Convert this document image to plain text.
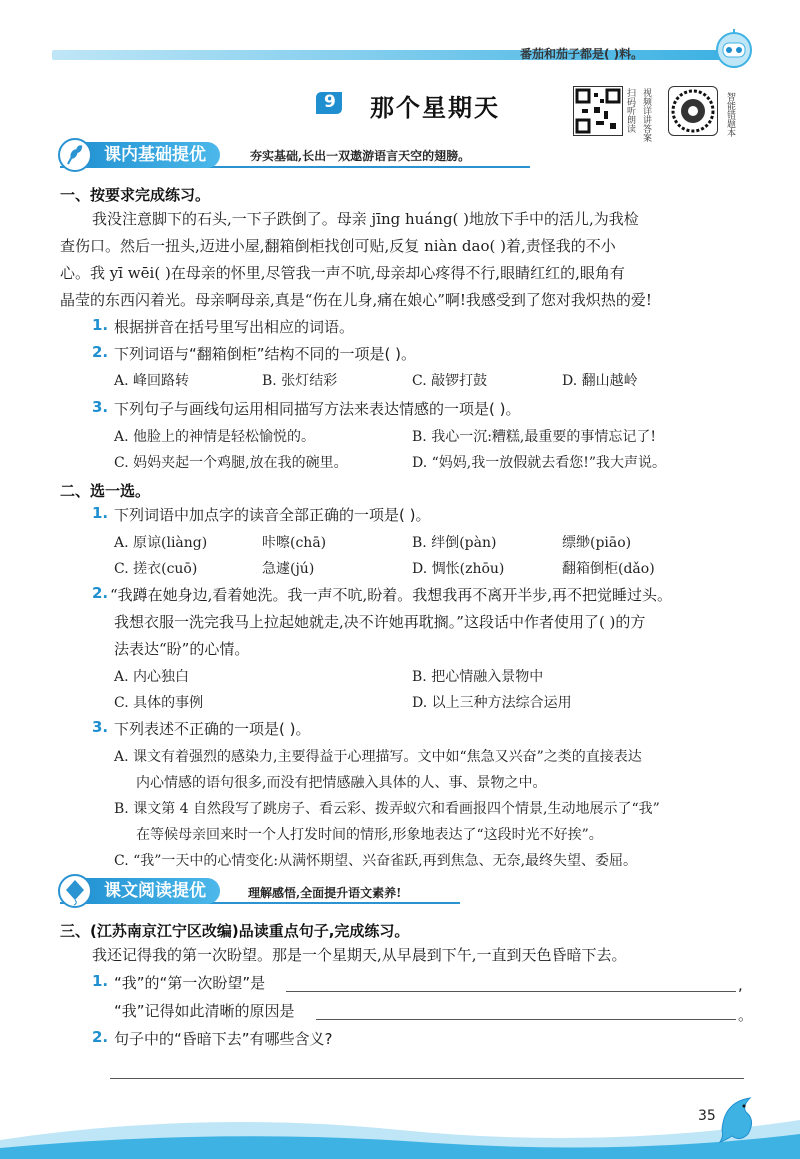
番茄和茄子都是( )料。
9 那个星期天	扫码听朗读 视频详讲答案	智能错题本
课内基础提优	夯实基础,长出一双遨游语言天空的翅膀。
一、按要求完成练习。
我没注意脚下的石头,一下子跌倒了。母亲 jīng huáng( )地放下手中的活儿,为我检
查伤口。然后一扭头,迈进小屋,翻箱倒柜找创可贴,反复 niàn dao( )着,责怪我的不小
心。我 yī wēi( )在母亲的怀里,尽管我一声不吭,母亲却心疼得不行,眼睛红红的,眼角有
晶莹的东西闪着光。母亲啊母亲,真是“伤在儿身,痛在娘心”啊!我感受到了您对我炽热的爱!
1. 根据拼音在括号里写出相应的词语。
2. 下列词语与“翻箱倒柜”结构不同的一项是( )。
A. 峰回路转	B. 张灯结彩	C. 敲锣打鼓	D. 翻山越岭
3. 下列句子与画线句运用相同描写方法来表达情感的一项是( )。
A. 他脸上的神情是轻松愉悦的。	B. 我心一沉:糟糕,最重要的事情忘记了!
C. 妈妈夹起一个鸡腿,放在我的碗里。	D. “妈妈,我一放假就去看您!”我大声说。
二、选一选。
1. 下列词语中加点字的读音全部正确的一项是( )。
A. 原谅(liàng)	咔嚓(chā)	B. 绊倒(pàn)	缥缈(piāo)
C. 搓衣(cuō)	急遽(jú)	D. 惆怅(zhōu)	翻箱倒柜(dǎo)
2. “我蹲在她身边,看着她洗。我一声不吭,盼着。我想我再不离开半步,再不把觉睡过头。
我想衣服一洗完我马上拉起她就走,决不许她再耽搁。”这段话中作者使用了( )的方
法表达“盼”的心情。
A. 内心独白	B. 把心情融入景物中
C. 具体的事例	D. 以上三种方法综合运用
3. 下列表述不正确的一项是( )。
A. 课文有着强烈的感染力,主要得益于心理描写。文中如“焦急又兴奋”之类的直接表达
内心情感的语句很多,而没有把情感融入具体的人、事、景物之中。
B. 课文第 4 自然段写了跳房子、看云彩、拨弄蚁穴和看画报四个情景,生动地展示了“我”
在等候母亲回来时一个人打发时间的情形,形象地表达了“这段时光不好挨”。
C. “我”一天中的心情变化:从满怀期望、兴奋雀跃,再到焦急、无奈,最终失望、委屈。
课文阅读提优	理解感悟,全面提升语文素养!
三、(江苏南京江宁区改编)品读重点句子,完成练习。
我还记得我的第一次盼望。那是一个星期天,从早晨到下午,一直到天色昏暗下去。
1. “我”的“第一次盼望”是	,
“我”记得如此清晰的原因是	。
2. 句子中的“昏暗下去”有哪些含义?
35
